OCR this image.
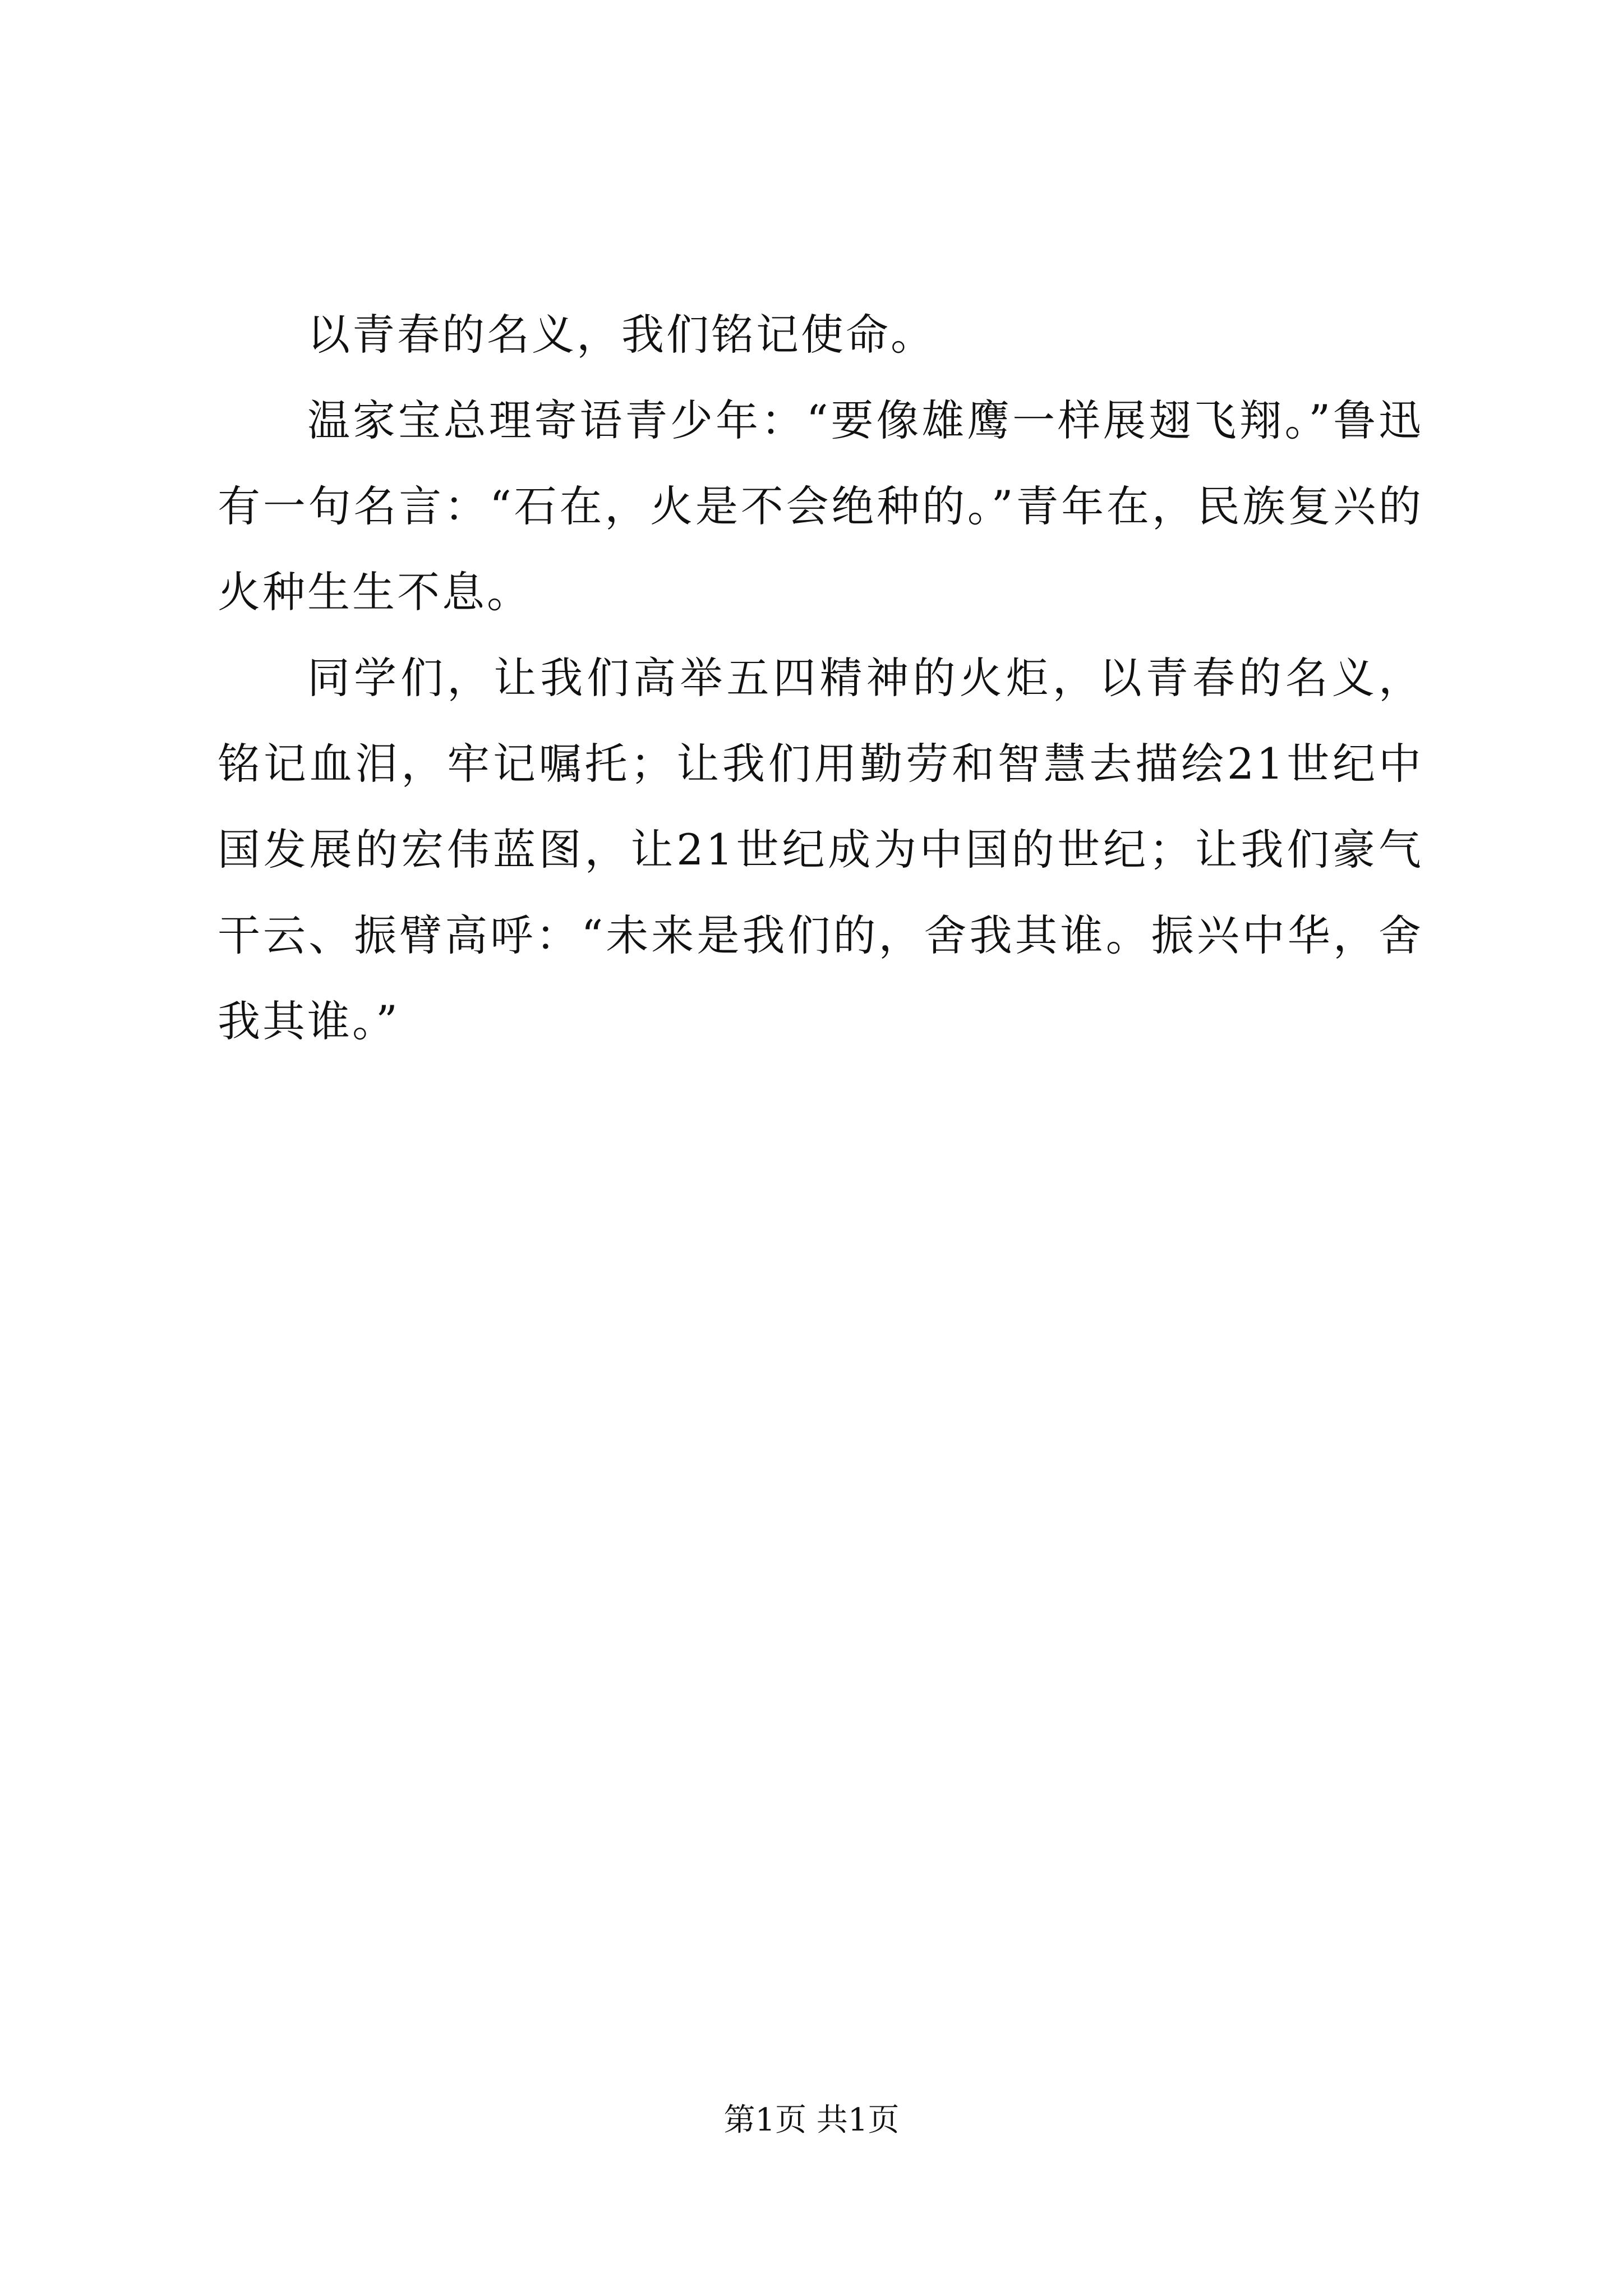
以青春的名义，我们铭记使命。

温家宝总理寄语青少年：“要像雄鹰一样展翅飞翔。”鲁迅有一句名言：“石在，火是不会绝种的。”青年在，民族复兴的火种生生不息。

同学们，让我们高举五四精神的火炬，以青春的名义，铭记血泪，牢记嘱托；让我们用勤劳和智慧去描绘21世纪中国发展的宏伟蓝图，让21世纪成为中国的世纪；让我们豪气干云、振臂高呼：“未来是我们的，舍我其谁。振兴中华，舍我其谁。”

第1页 共1页
